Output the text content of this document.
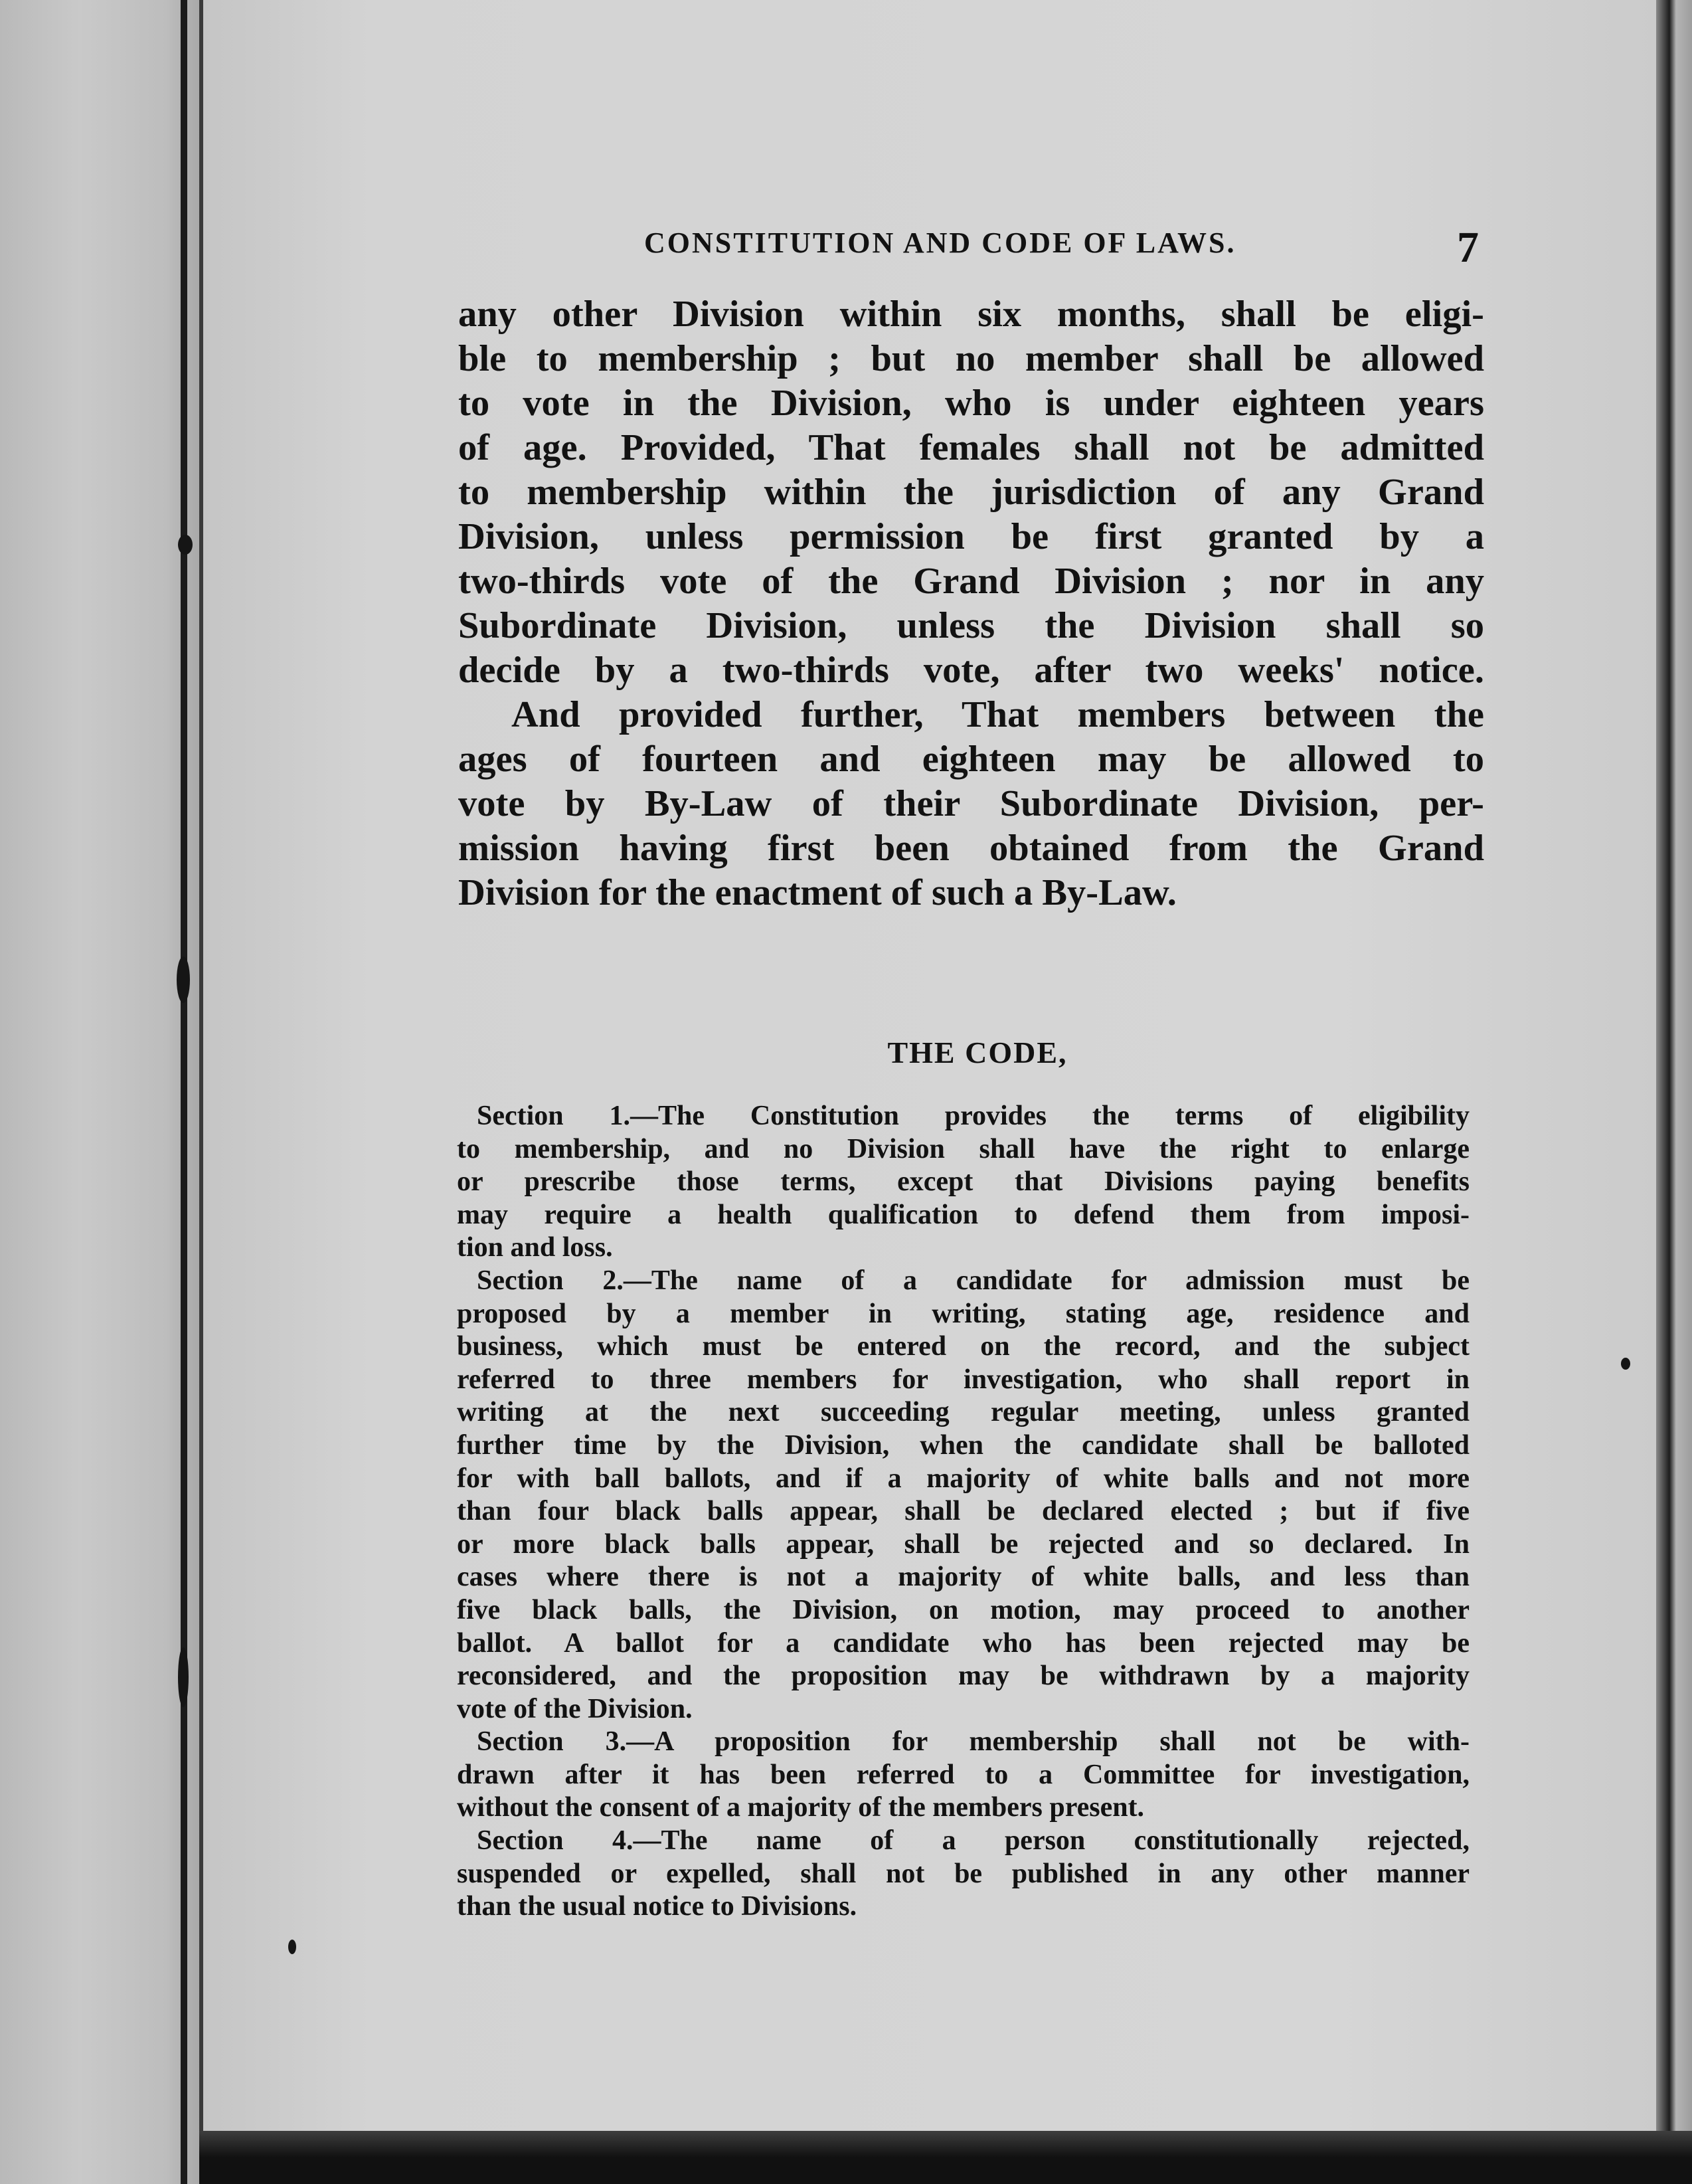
CONSTITUTION AND CODE OF LAWS.	7
any other Division within six months, shall be eligi-
ble to membership ; but no member shall be allowed
to vote in the Division, who is under eighteen years
of age. Provided, That females shall not be admitted
to membership within the jurisdiction of any Grand
Division, unless permission be first granted by a
two-thirds vote of the Grand Division ; nor in any
Subordinate Division, unless the Division shall so
decide by a two-thirds vote, after two weeks' notice.
And provided further, That members between the
ages of fourteen and eighteen may be allowed to
vote by By-Law of their Subordinate Division, per-
mission having first been obtained from the Grand
Division for the enactment of such a By-Law.
THE CODE,
Section 1.—The Constitution provides the terms of eligibility
to membership, and no Division shall have the right to enlarge
or prescribe those terms, except that Divisions paying benefits
may require a health qualification to defend them from imposi-
tion and loss.
Section 2.—The name of a candidate for admission must be
proposed by a member in writing, stating age, residence and
business, which must be entered on the record, and the subject
referred to three members for investigation, who shall report in
writing at the next succeeding regular meeting, unless granted
further time by the Division, when the candidate shall be balloted
for with ball ballots, and if a majority of white balls and not more
than four black balls appear, shall be declared elected ; but if five
or more black balls appear, shall be rejected and so declared. In
cases where there is not a majority of white balls, and less than
five black balls, the Division, on motion, may proceed to another
ballot. A ballot for a candidate who has been rejected may be
reconsidered, and the proposition may be withdrawn by a majority
vote of the Division.
Section 3.—A proposition for membership shall not be with-
drawn after it has been referred to a Committee for investigation,
without the consent of a majority of the members present.
Section 4.—The name of a person constitutionally rejected,
suspended or expelled, shall not be published in any other manner
than the usual notice to Divisions.
